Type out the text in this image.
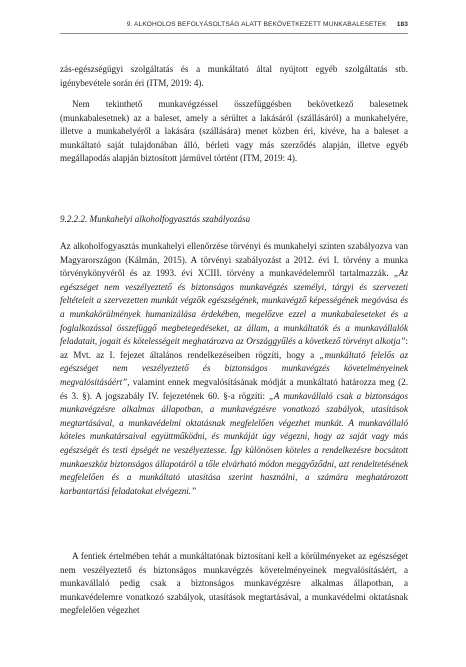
9. ALKOHOLOS BEFOLYÁSOLTSÁG ALATT BEKÖVETKEZETT MUNKABALESETEK 183

zás-egészségügyi szolgáltatás és a munkáltató által nyújtott egyéb szolgáltatás stb. igénybevétele során éri (ITM, 2019: 4).

Nem tekinthető munkavégzéssel összefüggésben bekövetkező balesetnek (munkabalesetnek) az a baleset, amely a sérültet a lakásáról (szállásáról) a munkahelyére, illetve a munkahelyéről a lakására (szállására) menet közben éri, kivéve, ha a baleset a munkáltató saját tulajdonában álló, bérleti vagy más szerződés alapján, illetve egyéb megállapodás alapján biztosított járművel történt (ITM, 2019: 4).

9.2.2.2. Munkahelyi alkoholfogyasztás szabályozása

Az alkoholfogyasztás munkahelyi ellenőrzése törvényi és munkahelyi szinten szabályozva van Magyarországon (Kálmán, 2015). A törvényi szabályozást a 2012. évi I. törvény a munka törvénykönyvéről és az 1993. évi XCIII. törvény a munkavédelemről tartalmazzák. „Az egészséget nem veszélyeztető és biztonságos munkavégzés személyi, tárgyi és szervezeti feltételeit a szervezetten munkát végzők egészségének, munkavégző képességének megóvása és a munkakörülmények humanizálása érdekében, megelőzve ezzel a munkabaleseteket és a foglalkozással összefüggő megbetegedéseket, az állam, a munkáltatók és a munkavállalók feladatait, jogait és kötelességeit meghatározva az Országgyűlés a következő törvényt alkotja”: az Mvt. az I. fejezet általános rendelkezéseiben rögzíti, hogy a „munkáltató felelős az egészséget nem veszélyeztető és biztonságos munkavégzés követelményeinek megvalósításáért”, valamint ennek megvalósításának módját a munkáltató határozza meg (2. és 3. §). A jogszabály IV. fejezetének 60. §-a rögzíti: „A munkavállaló csak a biztonságos munkavégzésre alkalmas állapotban, a munkavégzésre vonatkozó szabályok, utasítások megtartásával, a munkavédelmi oktatásnak megfelelően végezhet munkát. A munkavállaló köteles munkatársaival együttműködni, és munkáját úgy végezni, hogy az saját vagy más egészségét és testi épségét ne veszélyeztesse. Így különösen köteles a rendelkezésre bocsátott munkaeszköz biztonságos állapotáról a tőle elvárható módon meggyőződni, azt rendeltetésének megfelelően és a munkáltató utasítása szerint használni, a számára meghatározott karbantartási feladatokat elvégezni.”

A fentiek értelmében tehát a munkáltatónak biztosítani kell a körülményeket az egészséget nem veszélyeztető és biztonságos munkavégzés követelményeinek megvalósításáért, a munkavállaló pedig csak a biztonságos munkavégzésre alkalmas állapotban, a munkavédelemre vonatkozó szabályok, utasítások megtartásával, a munkavédelmi oktatásnak megfelelően végezhet
